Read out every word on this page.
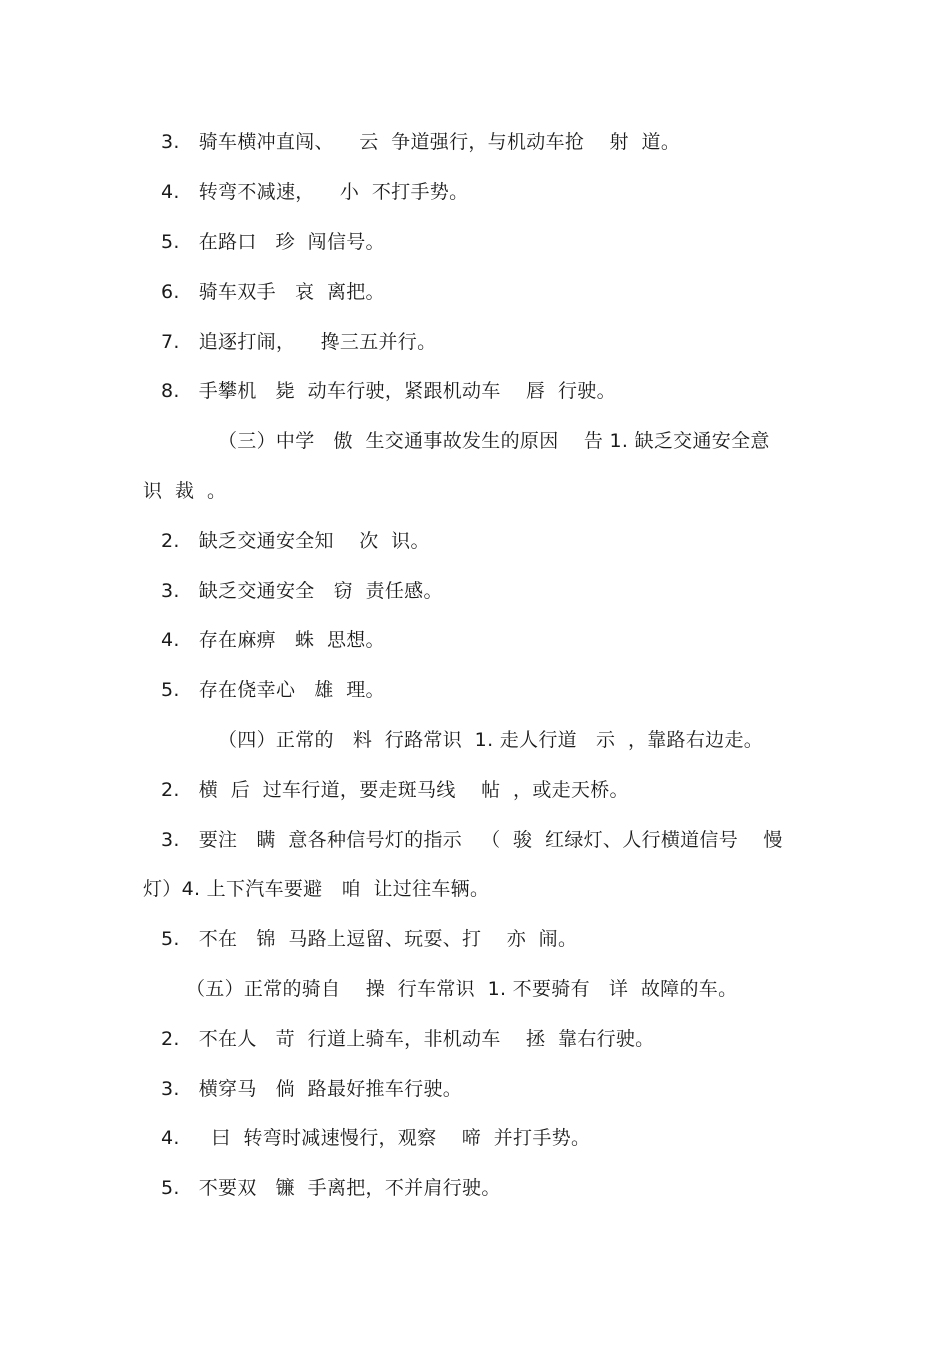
3.   骑车横冲直闯、    云  争道强行，与机动车抢    射  道。
4.   转弯不减速，    小  不打手势。
5.   在路口   珍  闯信号。
6.   骑车双手   哀  离把。
7.   追逐打闹，    搀三五并行。
8.   手攀机   毙  动车行驶，紧跟机动车    唇  行驶。
（三）中学   傲  生交通事故发生的原因    告 1. 缺乏交通安全意
识  裁  。
2.   缺乏交通安全知    次  识。
3.   缺乏交通安全   窃  责任感。
4.   存在麻痹   蛛  思想。
5.   存在侥幸心   雄  理。
（四）正常的   料  行路常识  1. 走人行道   示  ，靠路右边走。
2.   横  后  过车行道，要走斑马线    帖  ，或走天桥。
3.   要注   瞒  意各种信号灯的指示   （  骏  红绿灯、人行横道信号    慢
灯）4. 上下汽车要避   咱  让过往车辆。
5.   不在   锦  马路上逗留、玩耍、打    亦  闹。
（五）正常的骑自    操  行车常识  1. 不要骑有   详  故障的车。
2.   不在人   苛  行道上骑车，非机动车    拯  靠右行驶。
3.   横穿马   倘  路最好推车行驶。
4.     曰  转弯时减速慢行，观察    啼  并打手势。
5.   不要双   镰  手离把，不并肩行驶。
